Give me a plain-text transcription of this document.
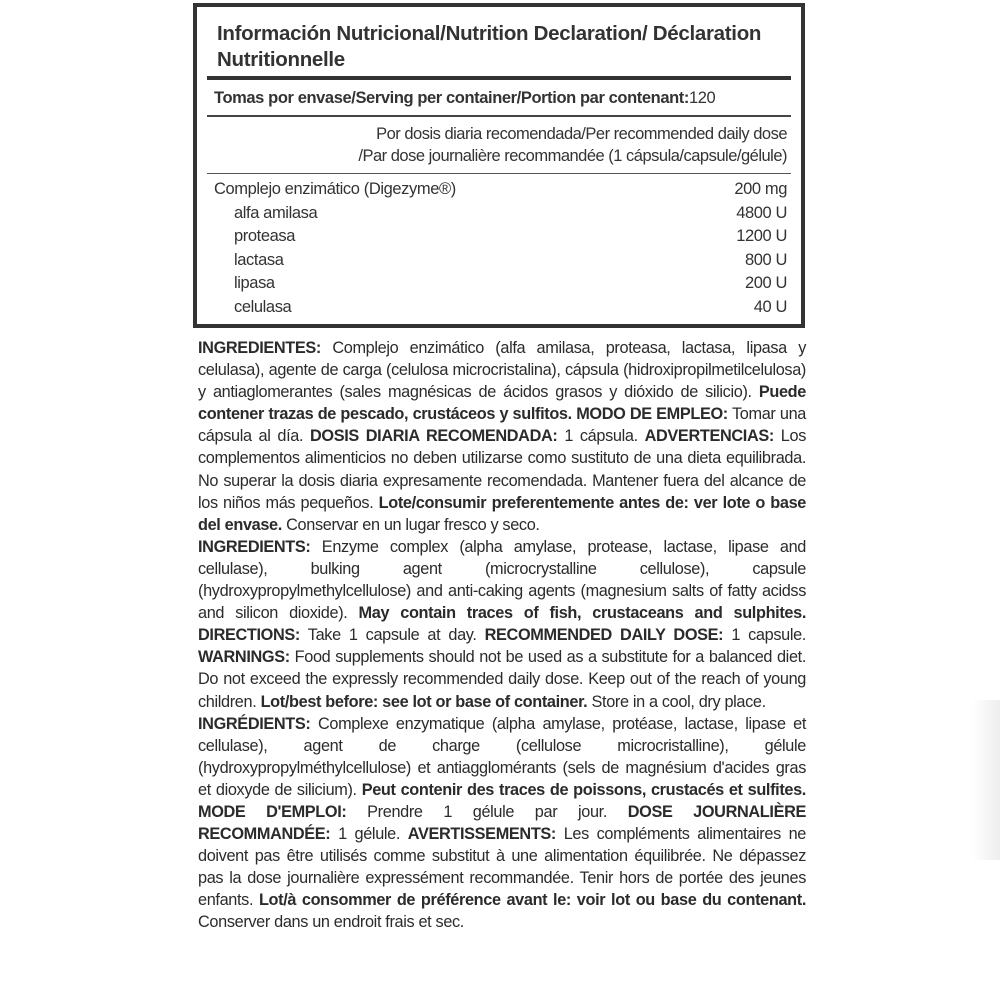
Información Nutricional/Nutrition Declaration/ Déclaration Nutritionnelle
Tomas por envase/Serving per container/Portion par contenant:120
Por dosis diaria recomendada/Per recommended daily dose
/Par dose journalière recommandée (1 cápsula/capsule/gélule)
Complejo enzimático (Digezyme®)	200 mg
alfa amilasa	4800 U
proteasa	1200 U
lactasa	800 U
lipasa	200 U
celulasa	40 U

INGREDIENTES: Complejo enzimático (alfa amilasa, proteasa, lactasa, lipasa y celulasa), agente de carga (celulosa microcristalina), cápsula (hidroxipropilmetilcelulosa) y antiaglomerantes (sales magnésicas de ácidos grasos y dióxido de silicio). Puede contener trazas de pescado, crustáceos y sulfitos. MODO DE EMPLEO: Tomar una cápsula al día. DOSIS DIARIA RECOMENDADA: 1 cápsula. ADVERTENCIAS: Los complementos alimenticios no deben utilizarse como sustituto de una dieta equilibrada. No superar la dosis diaria expresamente recomendada. Mantener fuera del alcance de los niños más pequeños. Lote/consumir preferentemente antes de: ver lote o base del envase. Conservar en un lugar fresco y seco.

INGREDIENTS: Enzyme complex (alpha amylase, protease, lactase, lipase and cellulase), bulking agent (microcrystalline cellulose), capsule (hydroxypropylmethylcellulose) and anti-caking agents (magnesium salts of fatty acidss and silicon dioxide). May contain traces of fish, crustaceans and sulphites. DIRECTIONS: Take 1 capsule at day. RECOMMENDED DAILY DOSE: 1 capsule. WARNINGS: Food supplements should not be used as a substitute for a balanced diet. Do not exceed the expressly recommended daily dose. Keep out of the reach of young children. Lot/best before: see lot or base of container. Store in a cool, dry place.

INGRÉDIENTS: Complexe enzymatique (alpha amylase, protéase, lactase, lipase et cellulase), agent de charge (cellulose microcristalline), gélule (hydroxypropylméthylcellulose) et antiagglomérants (sels de magnésium d'acides gras et dioxyde de silicium). Peut contenir des traces de poissons, crustacés et sulfites. MODE D'EMPLOI: Prendre 1 gélule par jour. DOSE JOURNALIÈRE RECOMMANDÉE: 1 gélule. AVERTISSEMENTS: Les compléments alimentaires ne doivent pas être utilisés comme substitut à une alimentation équilibrée. Ne dépassez pas la dose journalière expressément recommandée. Tenir hors de portée des jeunes enfants. Lot/à consommer de préférence avant le: voir lot ou base du contenant. Conserver dans un endroit frais et sec.
